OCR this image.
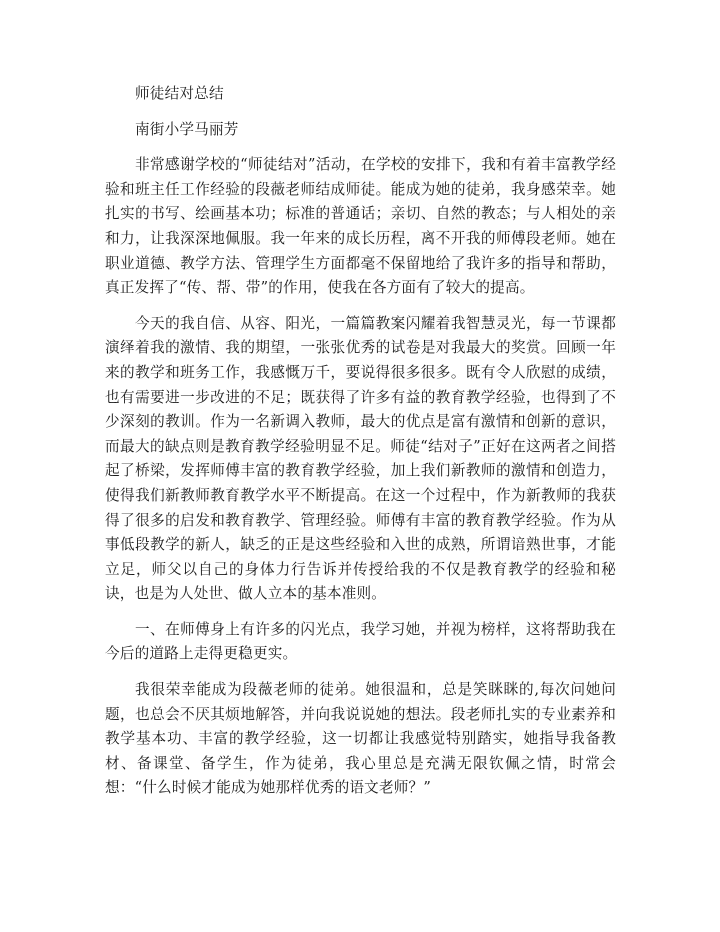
师徒结对总结

南街小学马丽芳

非常感谢学校的“师徒结对”活动，在学校的安排下，我和有着丰富教学经验和班主任工作经验的段薇老师结成师徒。能成为她的徒弟，我身感荣幸。她扎实的书写、绘画基本功；标准的普通话；亲切、自然的教态；与人相处的亲和力，让我深深地佩服。我一年来的成长历程，离不开我的师傅段老师。她在职业道德、教学方法、管理学生方面都毫不保留地给了我许多的指导和帮助，真正发挥了“传、帮、带”的作用，使我在各方面有了较大的提高。

今天的我自信、从容、阳光，一篇篇教案闪耀着我智慧灵光，每一节课都演绎着我的激情、我的期望，一张张优秀的试卷是对我最大的奖赏。回顾一年来的教学和班务工作，我感慨万千，要说得很多很多。既有令人欣慰的成绩，也有需要进一步改进的不足；既获得了许多有益的教育教学经验，也得到了不少深刻的教训。作为一名新调入教师，最大的优点是富有激情和创新的意识，而最大的缺点则是教育教学经验明显不足。师徒“结对子”正好在这两者之间搭起了桥梁，发挥师傅丰富的教育教学经验，加上我们新教师的激情和创造力，使得我们新教师教育教学水平不断提高。在这一个过程中，作为新教师的我获得了很多的启发和教育教学、管理经验。师傅有丰富的教育教学经验。作为从事低段教学的新人，缺乏的正是这些经验和入世的成熟，所谓谙熟世事，才能立足，师父以自己的身体力行告诉并传授给我的不仅是教育教学的经验和秘诀，也是为人处世、做人立本的基本准则。

一、在师傅身上有许多的闪光点，我学习她，并视为榜样，这将帮助我在今后的道路上走得更稳更实。

我很荣幸能成为段薇老师的徒弟。她很温和，总是笑眯眯的,每次问她问题，也总会不厌其烦地解答，并向我说说她的想法。段老师扎实的专业素养和教学基本功、丰富的教学经验，这一切都让我感觉特别踏实，她指导我备教材、备课堂、备学生，作为徒弟，我心里总是充满无限钦佩之情，时常会想：“什么时候才能成为她那样优秀的语文老师？”
